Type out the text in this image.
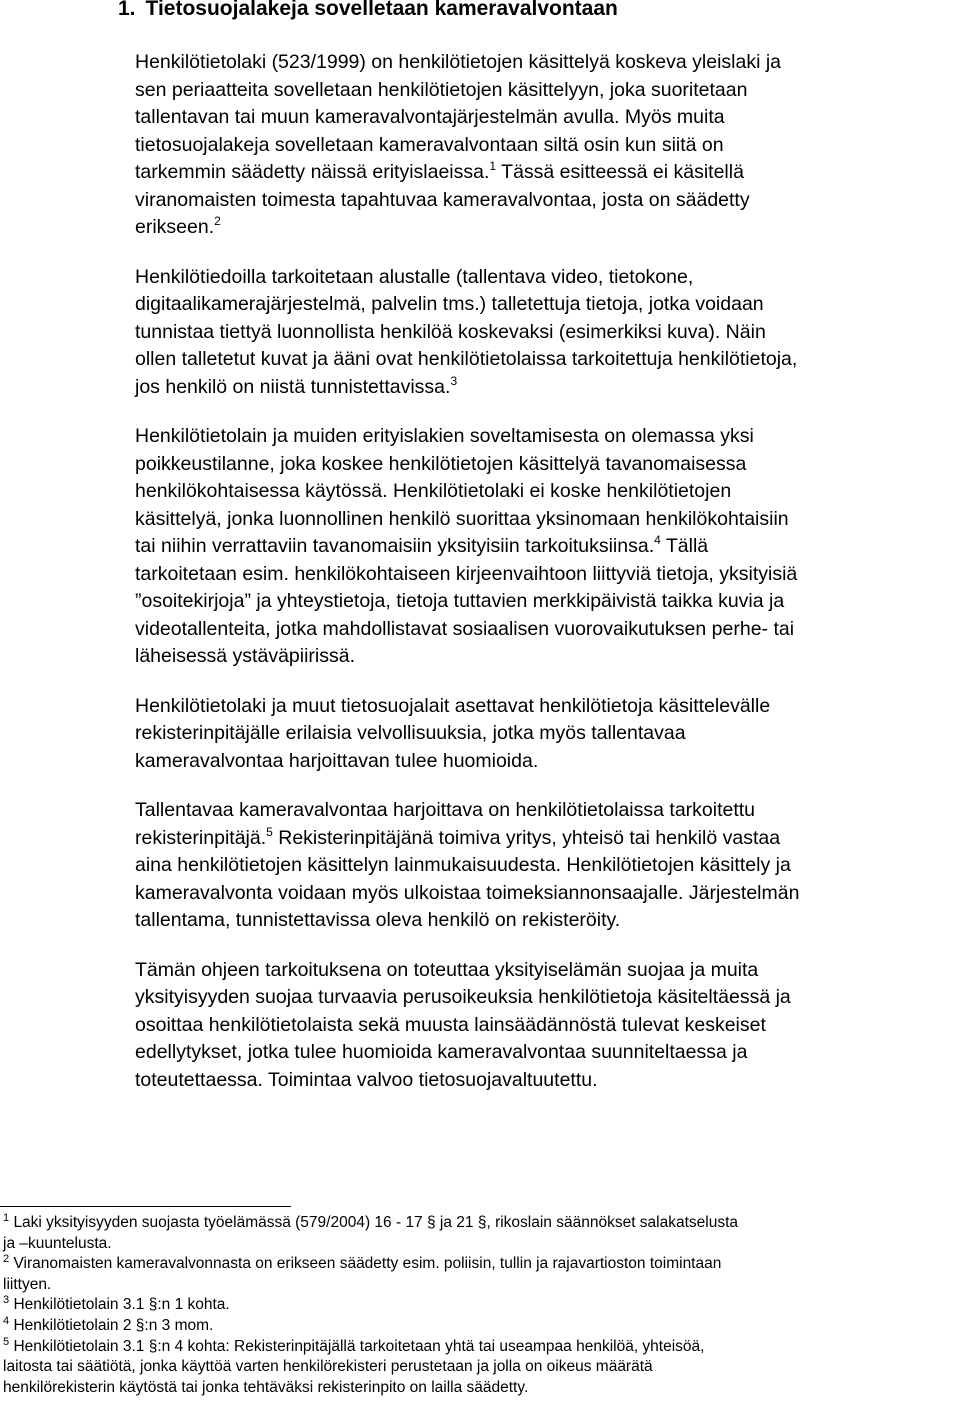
1. Tietosuojalakeja sovelletaan kameravalvontaan

Henkilötietolaki (523/1999) on henkilötietojen käsittelyä koskeva yleislaki ja
sen periaatteita sovelletaan henkilötietojen käsittelyyn, joka suoritetaan
tallentavan tai muun kameravalvontajärjestelmän avulla. Myös muita
tietosuojalakeja sovelletaan kameravalvontaan siltä osin kun siitä on
tarkemmin säädetty näissä erityislaeissa.$^1$ Tässä esitteessä ei käsitellä
viranomaisten toimesta tapahtuvaa kameravalvontaa, josta on säädetty
erikseen.$^2$

Henkilötiedoilla tarkoitetaan alustalle (tallentava video, tietokone,
digitaalikamerajärjestelmä, palvelin tms.) talletettuja tietoja, jotka voidaan
tunnistaa tiettyä luonnollista henkilöä koskevaksi (esimerkiksi kuva). Näin
ollen talletetut kuvat ja ääni ovat henkilötietolaissa tarkoitettuja henkilötietoja,
jos henkilö on niistä tunnistettavissa.$^3$

Henkilötietolain ja muiden erityislakien soveltamisesta on olemassa yksi
poikkeustilanne, joka koskee henkilötietojen käsittelyä tavanomaisessa
henkilökohtaisessa käytössä. Henkilötietolaki ei koske henkilötietojen
käsittelyä, jonka luonnollinen henkilö suorittaa yksinomaan henkilökohtaisiin
tai niihin verrattaviin tavanomaisiin yksityisiin tarkoituksiinsa.$^4$ Tällä
tarkoitetaan esim. henkilökohtaiseen kirjeenvaihtoon liittyviä tietoja, yksityisiä
”osoitekirjoja” ja yhteystietoja, tietoja tuttavien merkkipäivistä taikka kuvia ja
videotallenteita, jotka mahdollistavat sosiaalisen vuorovaikutuksen perhe- tai
läheisessä ystäväpiirissä.

Henkilötietolaki ja muut tietosuojalait asettavat henkilötietoja käsittelevälle
rekisterinpitäjälle erilaisia velvollisuuksia, jotka myös tallentavaa
kameravalvontaa harjoittavan tulee huomioida.

Tallentavaa kameravalvontaa harjoittava on henkilötietolaissa tarkoitettu
rekisterinpitäjä.$^5$ Rekisterinpitäjänä toimiva yritys, yhteisö tai henkilö vastaa
aina henkilötietojen käsittelyn lainmukaisuudesta. Henkilötietojen käsittely ja
kameravalvonta voidaan myös ulkoistaa toimeksiannonsaajalle. Järjestelmän
tallentama, tunnistettavissa oleva henkilö on rekisteröity.

Tämän ohjeen tarkoituksena on toteuttaa yksityiselämän suojaa ja muita
yksityisyyden suojaa turvaavia perusoikeuksia henkilötietoja käsiteltäessä ja
osoittaa henkilötietolaista sekä muusta lainsäädännöstä tulevat keskeiset
edellytykset, jotka tulee huomioida kameravalvontaa suunniteltaessa ja
toteutettaessa. Toimintaa valvoo tietosuojavaltuutettu.

$^1$ Laki yksityisyyden suojasta työelämässä (579/2004) 16 - 17 § ja 21 §, rikoslain säännökset salakatselusta
ja –kuuntelusta.

$^2$ Viranomaisten kameravalvonnasta on erikseen säädetty esim. poliisin, tullin ja rajavartioston toimintaan
liittyen.

$^3$ Henkilötietolain 3.1 §:n 1 kohta.

$^4$ Henkilötietolain 2 §:n 3 mom.

$^5$ Henkilötietolain 3.1 §:n 4 kohta: Rekisterinpitäjällä tarkoitetaan yhtä tai useampaa henkilöä, yhteisöä,
laitosta tai säätiötä, jonka käyttöä varten henkilörekisteri perustetaan ja jolla on oikeus määrätä
henkilörekisterin käytöstä tai jonka tehtäväksi rekisterinpito on lailla säädetty.
